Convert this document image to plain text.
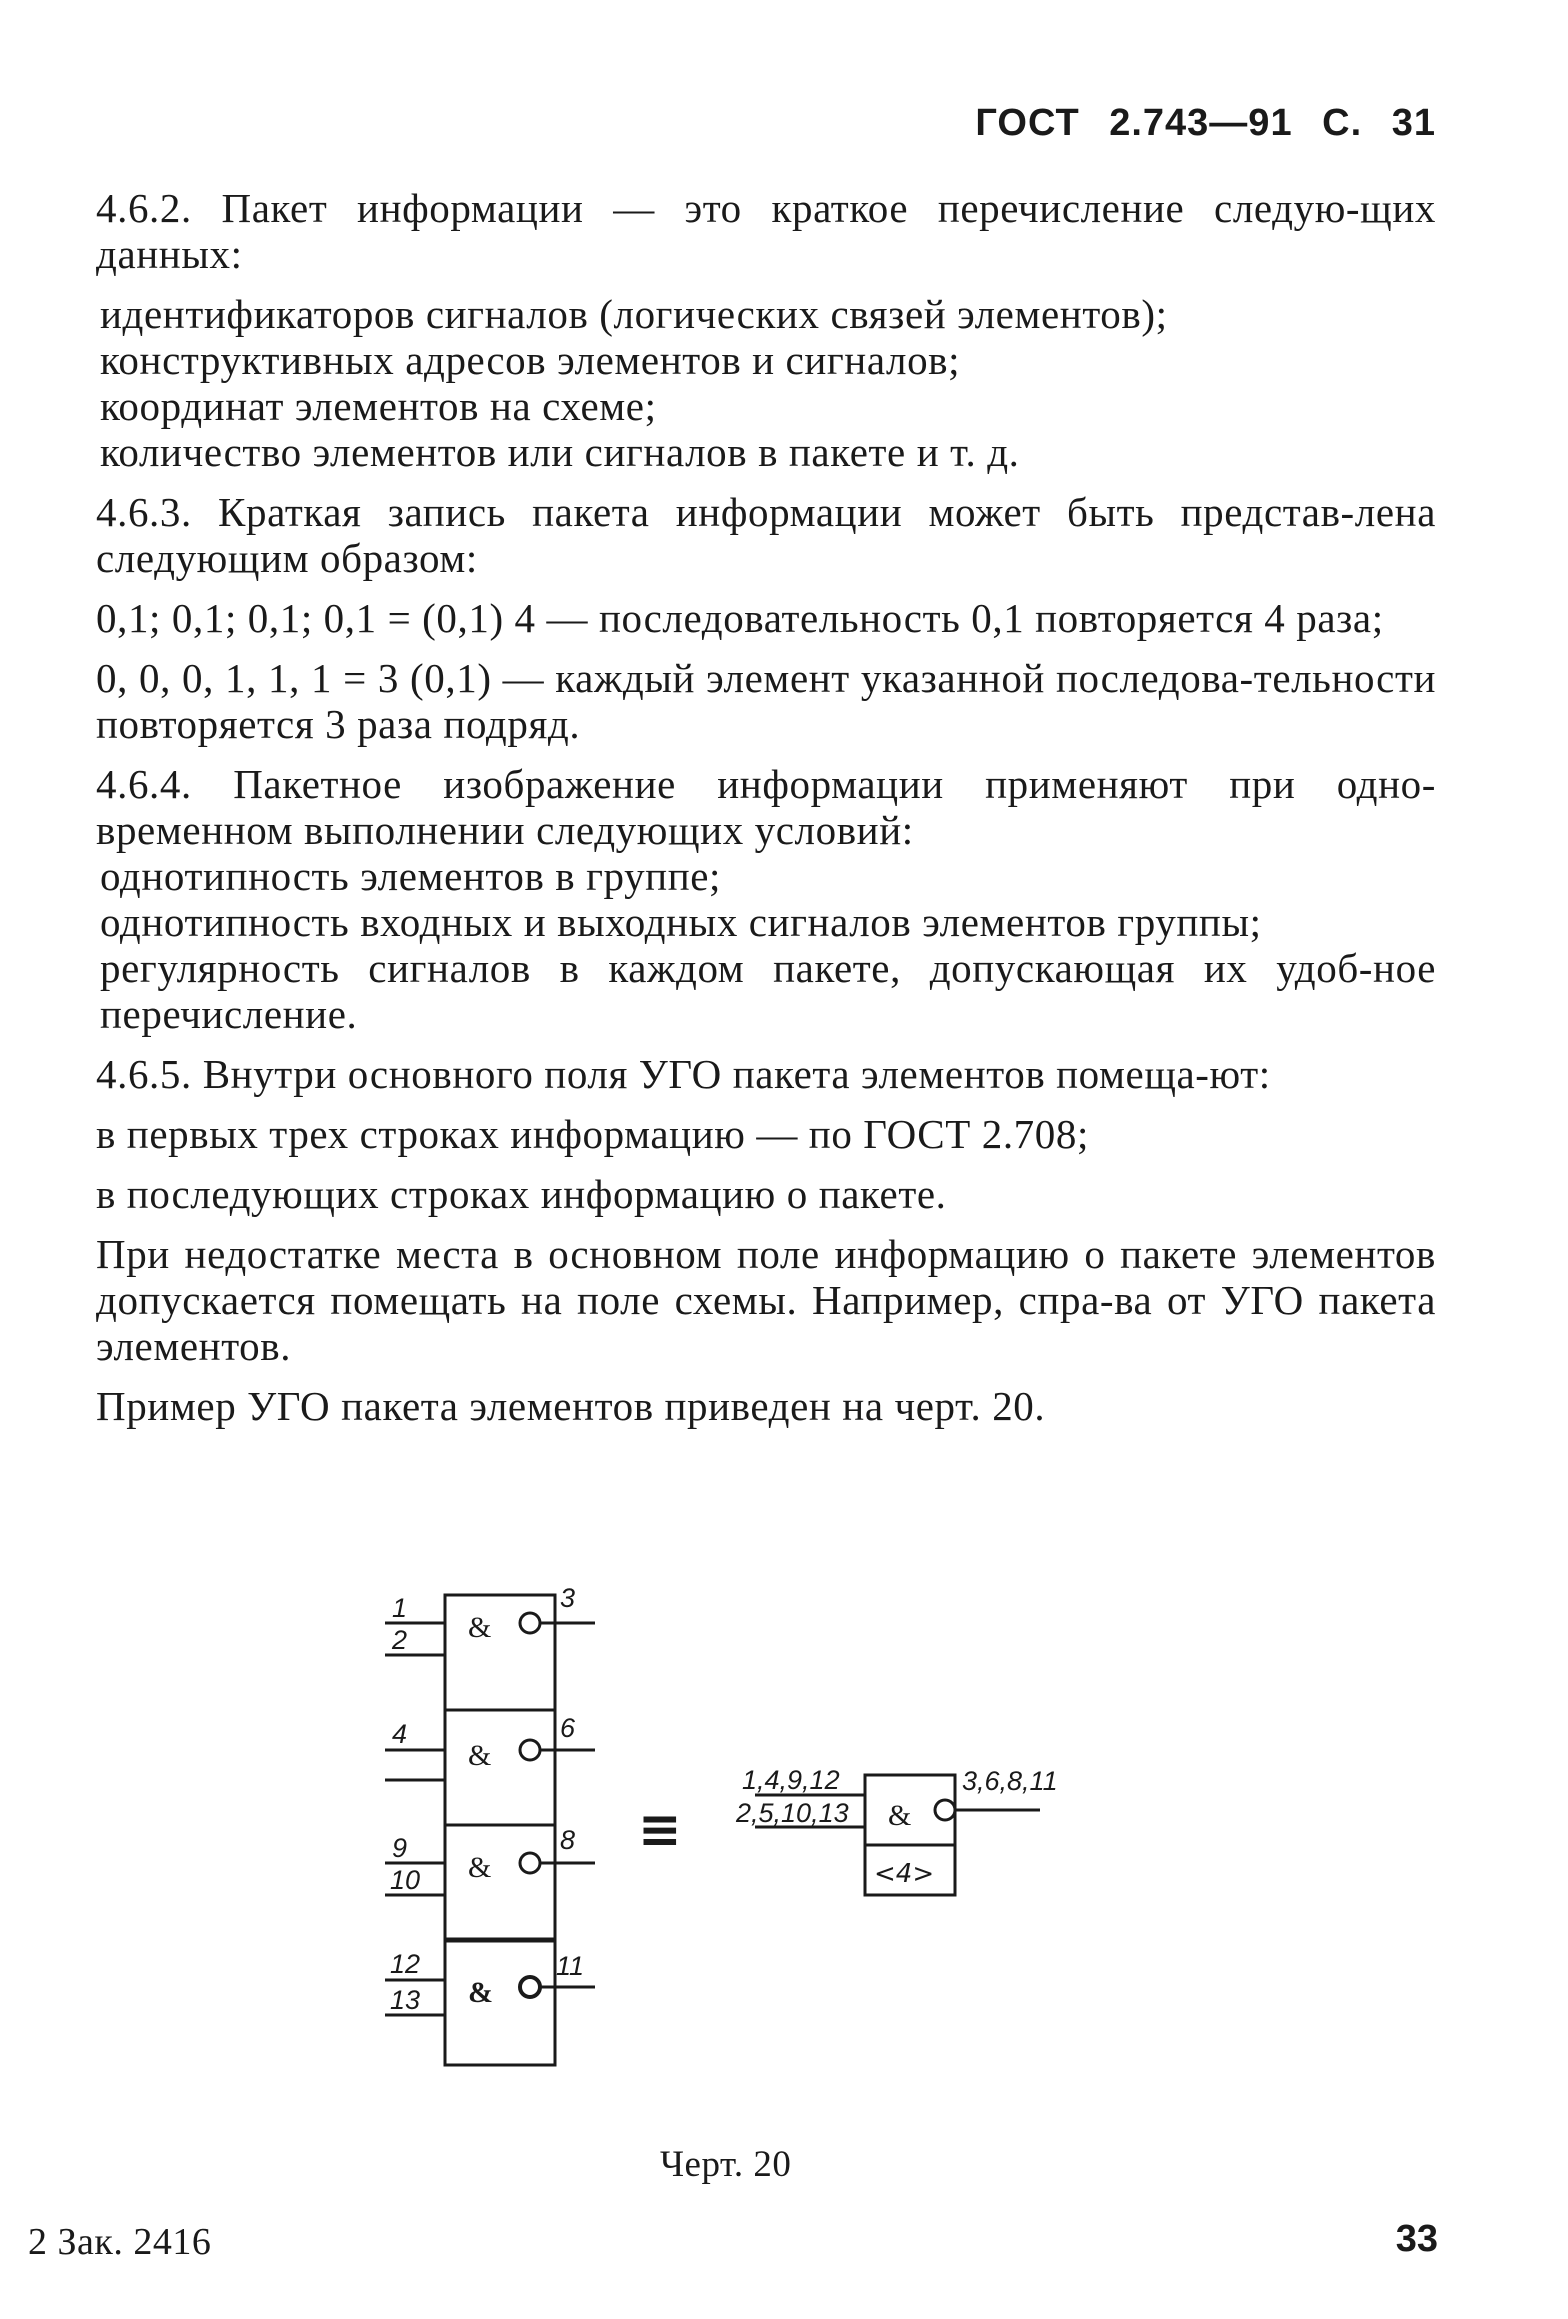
ГОСТ 2.743—91 С. 31

4.6.2. Пакет информации — это краткое перечисление следую-щих данных:

идентификаторов сигналов (логических связей элементов);

конструктивных адресов элементов и сигналов;

координат элементов на схеме;

количество элементов или сигналов в пакете и т. д.

4.6.3. Краткая запись пакета информации может быть представ-лена следующим образом:

0,1; 0,1; 0,1; 0,1 = (0,1) 4 — последовательность 0,1 повторяется 4 раза;

0, 0, 0, 1, 1, 1 = 3 (0,1) — каждый элемент указанной последова-тельности повторяется 3 раза подряд.

4.6.4. Пакетное изображение информации применяют при одно-временном выполнении следующих условий:

однотипность элементов в группе;

однотипность входных и выходных сигналов элементов группы;

регулярность сигналов в каждом пакете, допускающая их удоб-ное перечисление.

4.6.5. Внутри основного поля УГО пакета элементов помеща-ют:

в первых трех строках информацию — по ГОСТ 2.708;

в последующих строках информацию о пакете.

При недостатке места в основном поле информацию о пакете элементов допускается помещать на поле схемы. Например, спра-ва от УГО пакета элементов.

Пример УГО пакета элементов приведен на черт. 20.

&
&
&
&
1
2
4
9
10
12
13
3
6
8
11
≡
1,4,9,12
2,5,10,13
3,6,8,11
&
<4>
Черт. 20
2 Зак. 2416	33
